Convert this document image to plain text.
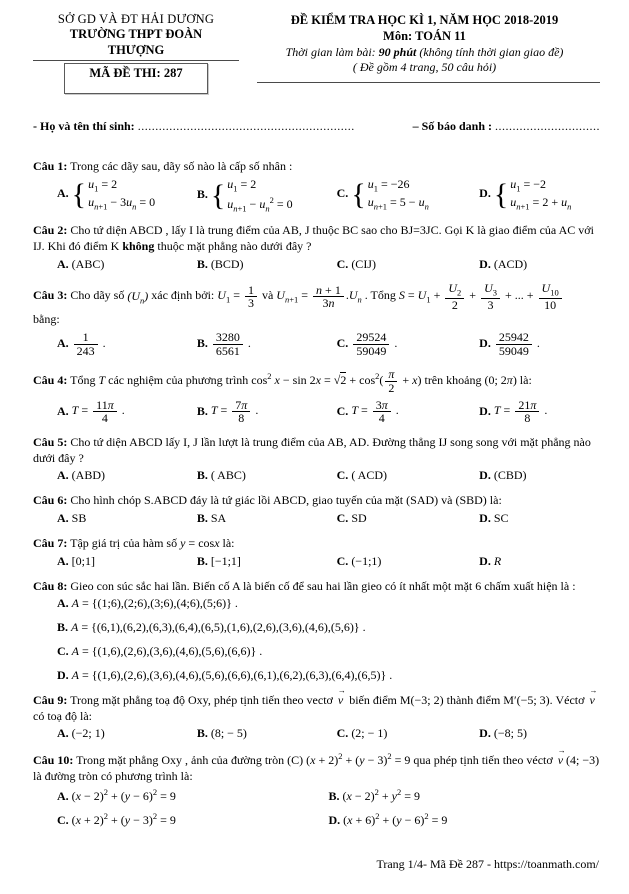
SỞ GD VÀ ĐT HẢI DƯƠNG
TRƯỜNG THPT ĐOÀN THƯỢNG
MÃ ĐỀ THI: 287
ĐỀ KIỂM TRA HỌC KÌ 1, NĂM HỌC 2018-2019
Môn: TOÁN 11
Thời gian làm bài: 90 phút (không tính thời gian giao đề)
( Đề gồm 4 trang, 50 câu hỏi)
- Họ và tên thí sinh: ..............................................................	– Số báo danh : ..............................
Câu 1: Trong các dãy sau, dãy số nào là cấp số nhân :
A. { $u_1 = 2$
$u_{n+1} - 3u_n = 0$
B. { $u_1 = 2$
$u_{n+1} - u_n^2 = 0$
C. { $u_1 = -26$
$u_{n+1} = 5 - u_n$
D. { $u_1 = -2$
$u_{n+1} = 2 + u_n$
Câu 2: Cho tứ diện ABCD , lấy I là trung điểm của AB, J thuộc BC sao cho BJ=3JC. Gọi K là giao điểm của AC với IJ. Khi đó điểm K không thuộc mặt phẳng nào dưới đây ?
A. (ABC)	B. (BCD)	C. (CIJ)	D. (ACD)
Câu 3: Cho dãy số $(U_n)$ xác định bởi: $U_1 = \frac{1}{3}$ và $U_{n+1} = \frac{n + 1}{3n} .U_n$ . Tổng $S = U_1 + \frac{U_2}{2} + \frac{U_3}{3}$ + ... + $\frac{U_{10}}{10}$

bằng:
A. $\frac{1}{243}$ .	B. $\frac{3280}{6561}$ .	C. $\frac{29524}{59049}$ .	D. $\frac{25942}{59049}$ .
Câu 4: Tổng T các nghiệm của phương trình $\cos^2 x - \sin 2x = √2 + \cos^2( \frac{\pi}{2} + x)$ trên khoảng (0; 2π) là:
A. $T = \frac{11\pi}{4}$ .	B. $T = \frac{7\pi}{8}$ .	C. $T = \frac{3\pi}{4}$ .	D. $T = \frac{21\pi}{8}$ .
Câu 5: Cho tứ diện ABCD lấy I, J lần lượt là trung điểm của AB, AD. Đường thẳng IJ song song với mặt phẳng nào dưới đây ?
A. (ABD)	B. ( ABC)	C. ( ACD)	D. (CBD)
Câu 6: Cho hình chóp S.ABCD đáy là tứ giác lồi ABCD, giao tuyến của mặt (SAD) và (SBD) là:
A. SB	B. SA	C. SD	D. SC
Câu 7: Tập giá trị của hàm số y = cosx là:
A. [0;1]	B. [−1;1]	C. (−1;1)	D. R
Câu 8: Gieo con súc sắc hai lần. Biến cố A là biến cố để sau hai lần gieo có ít nhất một mặt 6 chấm xuất hiện là :
A. A = {(1;6),(2;6),(3;6),(4;6),(5;6)} .
B. A = {(6,1),(6,2),(6,3),(6,4),(6,5),(1,6),(2,6),(3,6),(4,6),(5,6)} .
C. A = {(1,6),(2,6),(3,6),(4,6),(5,6),(6,6)} .
D. A = {(1,6),(2,6),(3,6),(4,6),(5,6),(6,6),(6,1),(6,2),(6,3),(6,4),(6,5)} .
Câu 9: Trong mặt phẳng toạ độ Oxy, phép tịnh tiến theo vectơ v → biến điểm M(−3; 2) thành điểm M′(−5; 3). Véctơ v → có toạ độ là:
A. (−2; 1)	B. (8; − 5)	C. (2; − 1)	D. (−8; 5)
Câu 10: Trong mặt phẳng Oxy , ảnh của đường tròn (C) $(x + 2)^2 + (y - 3)^2 = 9$ qua phép tịnh tiến theo véctơ v → (4; −3) là đường tròn có phương trình là:
A. $(x - 2)^2 + (y - 6)^2 = 9$	B. $(x - 2)^2 + y^2 = 9$
C. $(x + 2)^2 + (y - 3)^2 = 9$	D. $(x + 6)^2 + (y - 6)^2 = 9$
Trang 1/4- Mã Đề 287 - https://toanmath.com/
